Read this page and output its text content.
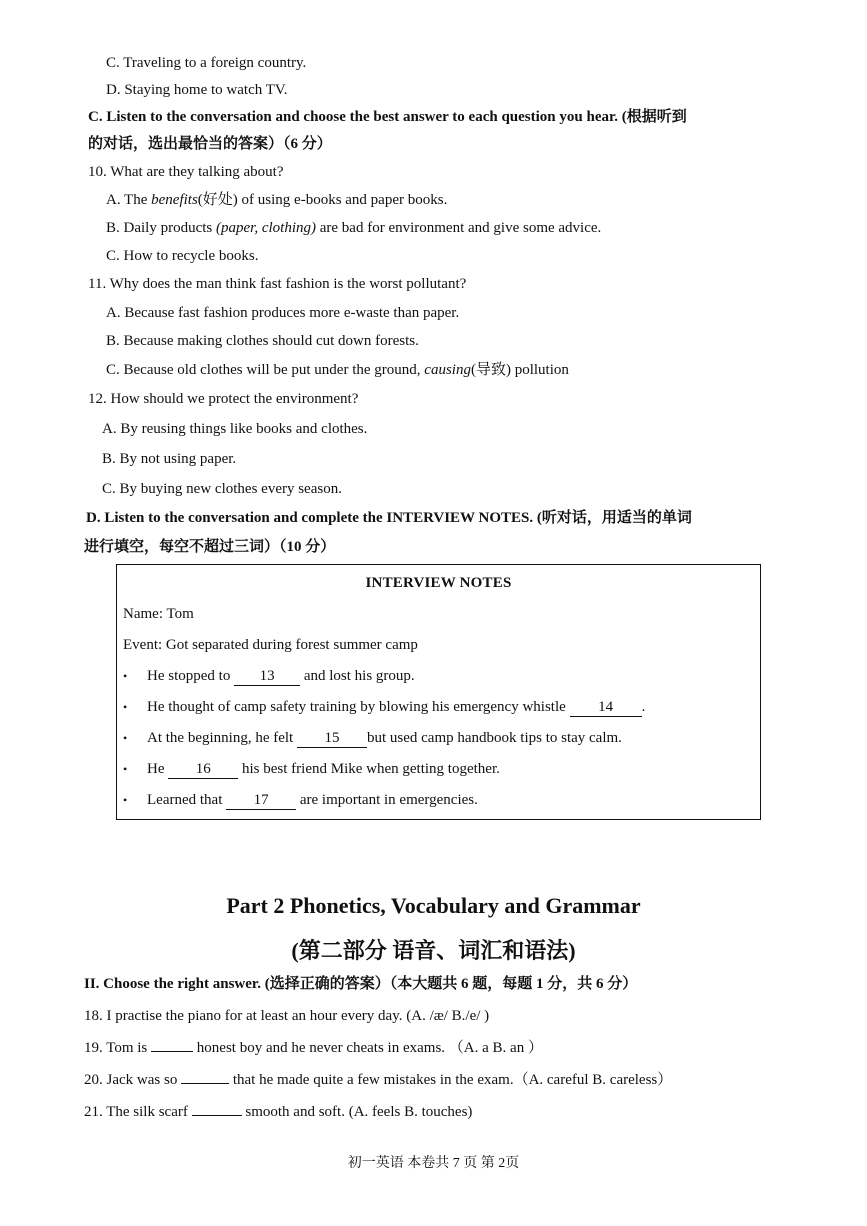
C. Traveling to a foreign country.
D. Staying home to watch TV.
C. Listen to the conversation and choose the best answer to each question you hear. (根据听到
的对话，选出最恰当的答案）（6 分）
10. What are they talking about?
A. The benefits(好处) of using e-books and paper books.
B. Daily products (paper, clothing) are bad for environment and give some advice.
C. How to recycle books.
11. Why does the man think fast fashion is the worst pollutant?
A. Because fast fashion produces more e-waste than paper.
B. Because making clothes should cut down forests.
C. Because old clothes will be put under the ground, causing(导致) pollution
12. How should we protect the environment?
A. By reusing things like books and clothes.
B. By not using paper.
C. By buying new clothes every season.
D. Listen to the conversation and complete the INTERVIEW NOTES. (听对话，用适当的单词
进行填空，每空不超过三词）（10 分）
INTERVIEW NOTES
Name: Tom
Event: Got separated during forest summer camp
• He stopped to 13 and lost his group.
• He thought of camp safety training by blowing his emergency whistle 14 .
• At the beginning, he felt 15 but used camp handbook tips to stay calm.
• He 16 his best friend Mike when getting together.
• Learned that 17 are important in emergencies.
Part 2 Phonetics, Vocabulary and Grammar
(第二部分 语音、词汇和语法)
II. Choose the right answer. (选择正确的答案）（本大题共 6 题，每题 1 分，共 6 分）
18. I practise the piano for at least an hour every day. (A. /æ/ B./e/ )
19. Tom is	honest boy and he never cheats in exams. （A. a B. an ）
20. Jack was so	that he made quite a few mistakes in the exam.（A. careful B. careless）
21. The silk scarf	smooth and soft. (A. feels B. touches)
初一英语 本卷共 7 页 第 2页
